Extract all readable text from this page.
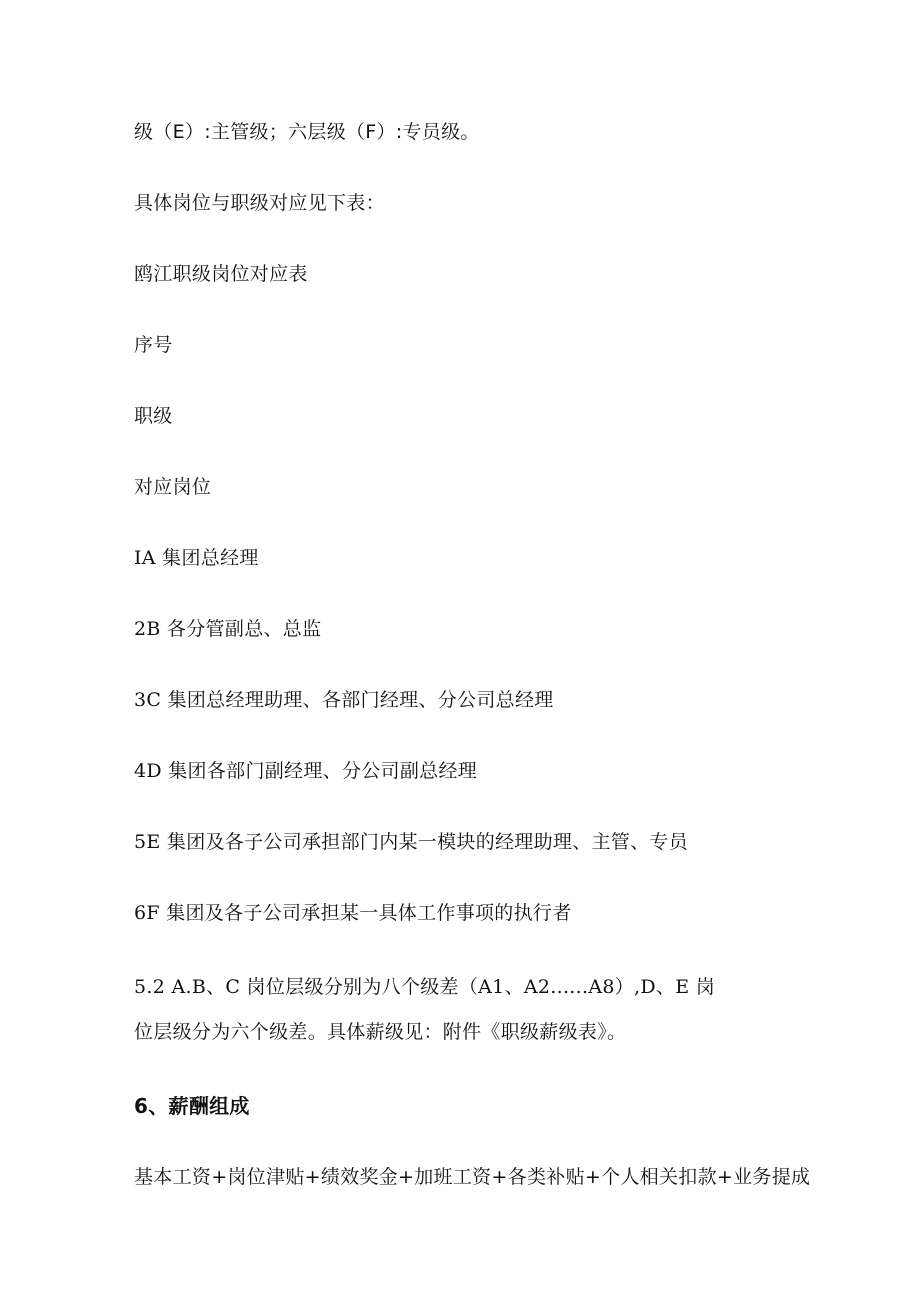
级（E）:主管级；六层级（F）:专员级。
具体岗位与职级对应见下表：
鸥江职级岗位对应表
序号
职级
对应岗位
IA 集团总经理
2B 各分管副总、总监
3C 集团总经理助理、各部门经理、分公司总经理
4D 集团各部门副经理、分公司副总经理
5E 集团及各子公司承担部门内某一模块的经理助理、主管、专员
6F 集团及各子公司承担某一具体工作事项的执行者
5.2 A.B、C 岗位层级分别为八个级差（A1、A2......A8）,D、E 岗
位层级分为六个级差。具体薪级见：附件《职级薪级表》。
6、薪酬组成
基本工资+岗位津贴+绩效奖金+加班工资+各类补贴+个人相关扣款+业务提成
